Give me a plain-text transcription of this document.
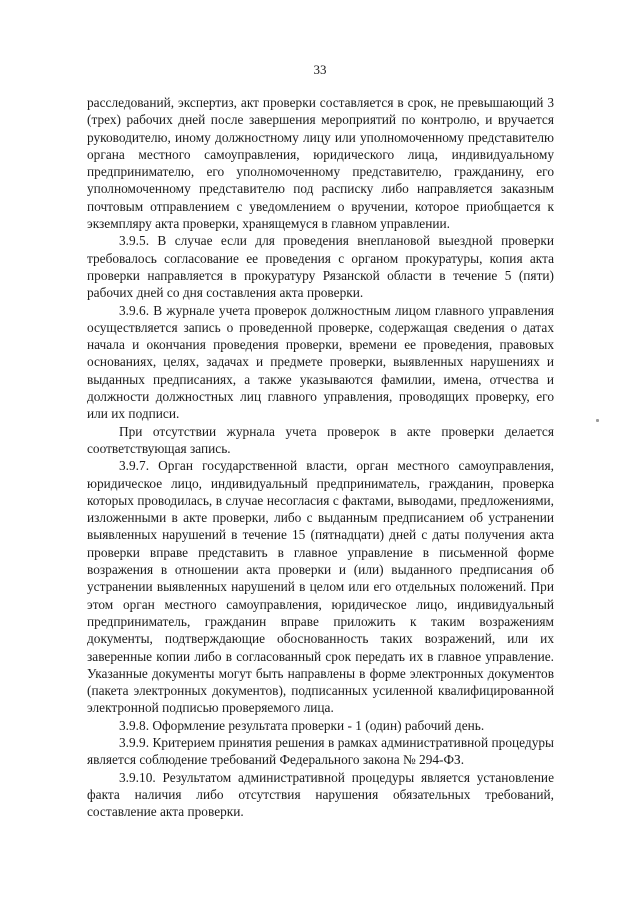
33

расследований, экспертиз, акт проверки составляется в срок, не превышающий 3 (трех) рабочих дней после завершения мероприятий по контролю, и вручается руководителю, иному должностному лицу или уполномоченному представителю органа местного самоуправления, юридического лица, индивидуальному предпринимателю, его уполномоченному представителю, гражданину, его уполномоченному представителю под расписку либо направляется заказным почтовым отправлением с уведомлением о вручении, которое приобщается к экземпляру акта проверки, хранящемуся в главном управлении.

3.9.5. В случае если для проведения внеплановой выездной проверки требовалось согласование ее проведения с органом прокуратуры, копия акта проверки направляется в прокуратуру Рязанской области в течение 5 (пяти) рабочих дней со дня составления акта проверки.

3.9.6. В журнале учета проверок должностным лицом главного управления осуществляется запись о проведенной проверке, содержащая сведения о датах начала и окончания проведения проверки, времени ее проведения, правовых основаниях, целях, задачах и предмете проверки, выявленных нарушениях и выданных предписаниях, а также указываются фамилии, имена, отчества и должности должностных лиц главного управления, проводящих проверку, его или их подписи.

При отсутствии журнала учета проверок в акте проверки делается соответствующая запись.

3.9.7. Орган государственной власти, орган местного самоуправления, юридическое лицо, индивидуальный предприниматель, гражданин, проверка которых проводилась, в случае несогласия с фактами, выводами, предложениями, изложенными в акте проверки, либо с выданным предписанием об устранении выявленных нарушений в течение 15 (пятнадцати) дней с даты получения акта проверки вправе представить в главное управление в письменной форме возражения в отношении акта проверки и (или) выданного предписания об устранении выявленных нарушений в целом или его отдельных положений. При этом орган местного самоуправления, юридическое лицо, индивидуальный предприниматель, гражданин вправе приложить к таким возражениям документы, подтверждающие обоснованность таких возражений, или их заверенные копии либо в согласованный срок передать их в главное управление. Указанные документы могут быть направлены в форме электронных документов (пакета электронных документов), подписанных усиленной квалифицированной электронной подписью проверяемого лица.

3.9.8. Оформление результата проверки - 1 (один) рабочий день.

3.9.9. Критерием принятия решения в рамках административной процедуры является соблюдение требований Федерального закона № 294-ФЗ.

3.9.10. Результатом административной процедуры является установление факта наличия либо отсутствия нарушения обязательных требований, составление акта проверки.
